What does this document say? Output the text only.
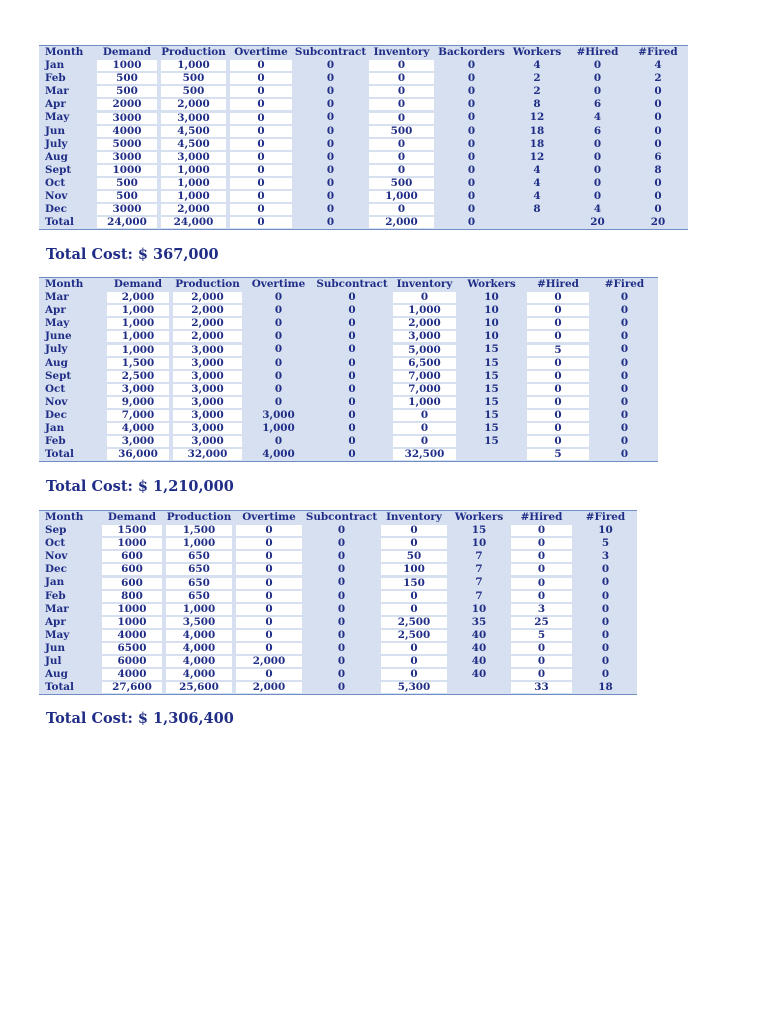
Month	Demand	Production	Overtime	Subcontract	Inventory	Backorders	Workers	#Hired	#Fired
Jan	1000	1,000	0	0	0	0	4	0	4
Feb	500	500	0	0	0	0	2	0	2
Mar	500	500	0	0	0	0	2	0	0
Apr	2000	2,000	0	0	0	0	8	6	0
May	3000	3,000	0	0	0	0	12	4	0
Jun	4000	4,500	0	0	500	0	18	6	0
July	5000	4,500	0	0	0	0	18	0	0
Aug	3000	3,000	0	0	0	0	12	0	6
Sept	1000	1,000	0	0	0	0	4	0	8
Oct	500	1,000	0	0	500	0	4	0	0
Nov	500	1,000	0	0	1,000	0	4	0	0
Dec	3000	2,000	0	0	0	0	8	4	0
Total	24,000	24,000	0	0	2,000	0		20	20
Total Cost: $ 367,000
Month	Demand	Production	Overtime	Subcontract	Inventory	Workers	#Hired	#Fired
Mar	2,000	2,000	0	0	0	10	0	0
Apr	1,000	2,000	0	0	1,000	10	0	0
May	1,000	2,000	0	0	2,000	10	0	0
June	1,000	2,000	0	0	3,000	10	0	0
July	1,000	3,000	0	0	5,000	15	5	0
Aug	1,500	3,000	0	0	6,500	15	0	0
Sept	2,500	3,000	0	0	7,000	15	0	0
Oct	3,000	3,000	0	0	7,000	15	0	0
Nov	9,000	3,000	0	0	1,000	15	0	0
Dec	7,000	3,000	3,000	0	0	15	0	0
Jan	4,000	3,000	1,000	0	0	15	0	0
Feb	3,000	3,000	0	0	0	15	0	0
Total	36,000	32,000	4,000	0	32,500		5	0
Total Cost: $ 1,210,000
Month	Demand	Production	Overtime	Subcontract	Inventory	Workers	#Hired	#Fired
Sep	1500	1,500	0	0	0	15	0	10
Oct	1000	1,000	0	0	0	10	0	5
Nov	600	650	0	0	50	7	0	3
Dec	600	650	0	0	100	7	0	0
Jan	600	650	0	0	150	7	0	0
Feb	800	650	0	0	0	7	0	0
Mar	1000	1,000	0	0	0	10	3	0
Apr	1000	3,500	0	0	2,500	35	25	0
May	4000	4,000	0	0	2,500	40	5	0
Jun	6500	4,000	0	0	0	40	0	0
Jul	6000	4,000	2,000	0	0	40	0	0
Aug	4000	4,000	0	0	0	40	0	0
Total	27,600	25,600	2,000	0	5,300		33	18
Total Cost: $ 1,306,400
